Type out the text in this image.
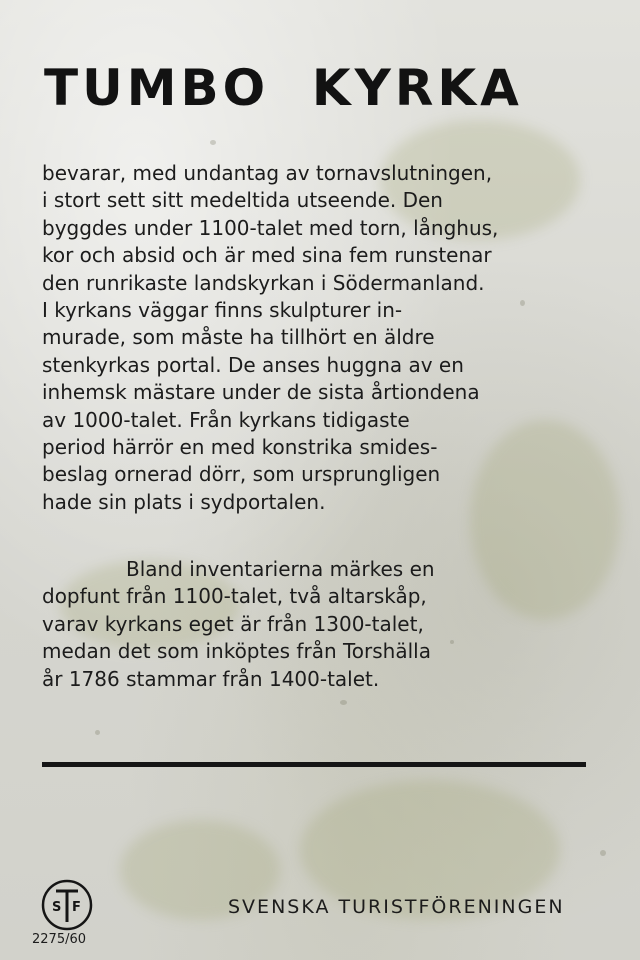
TUMBO  KYRKA

bevarar, med undantag av tornavslutningen,
i stort sett sitt medeltida utseende. Den
byggdes under 1100-talet med torn, långhus,
kor och absid och är med sina fem runstenar
den runrikaste landskyrkan i Södermanland.
I kyrkans väggar finns skulpturer in-
murade, som måste ha tillhört en äldre
stenkyrkas portal. De anses huggna av en
inhemsk mästare under de sista årtiondena
av 1000-talet. Från kyrkans tidigaste
period härrör en med konstrika smides-
beslag ornerad dörr, som ursprungligen
hade sin plats i sydportalen.

Bland inventarierna märkes en
dopfunt från 1100-talet, två altarskåp,
varav kyrkans eget är från 1300-talet,
medan det som inköptes från Torshälla
år 1786 stammar från 1400-talet.

S F
2275/60
SVENSKA TURISTFÖRENINGEN
